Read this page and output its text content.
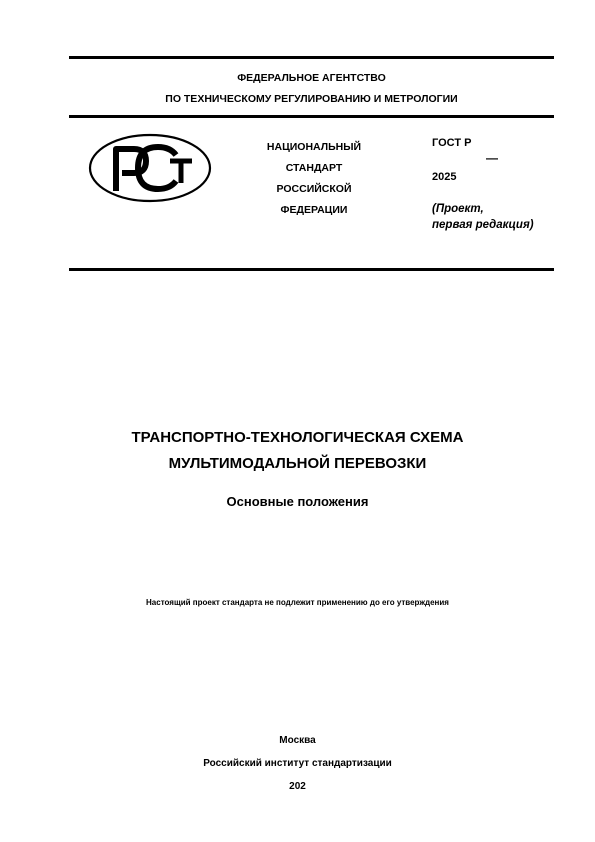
ФЕДЕРАЛЬНОЕ АГЕНТСТВО
ПО ТЕХНИЧЕСКОМУ РЕГУЛИРОВАНИЮ И МЕТРОЛОГИИ
НАЦИОНАЛЬНЫЙ
СТАНДАРТ
РОССИЙСКОЙ
ФЕДЕРАЦИИ
ГОСТ Р
—
2025
(Проект,
первая редакция)
ТРАНСПОРТНО-ТЕХНОЛОГИЧЕСКАЯ СХЕМА
МУЛЬТИМОДАЛЬНОЙ ПЕРЕВОЗКИ
Основные положения
Настоящий проект стандарта не подлежит применению до его утверждения
Москва
Российский институт стандартизации
202
